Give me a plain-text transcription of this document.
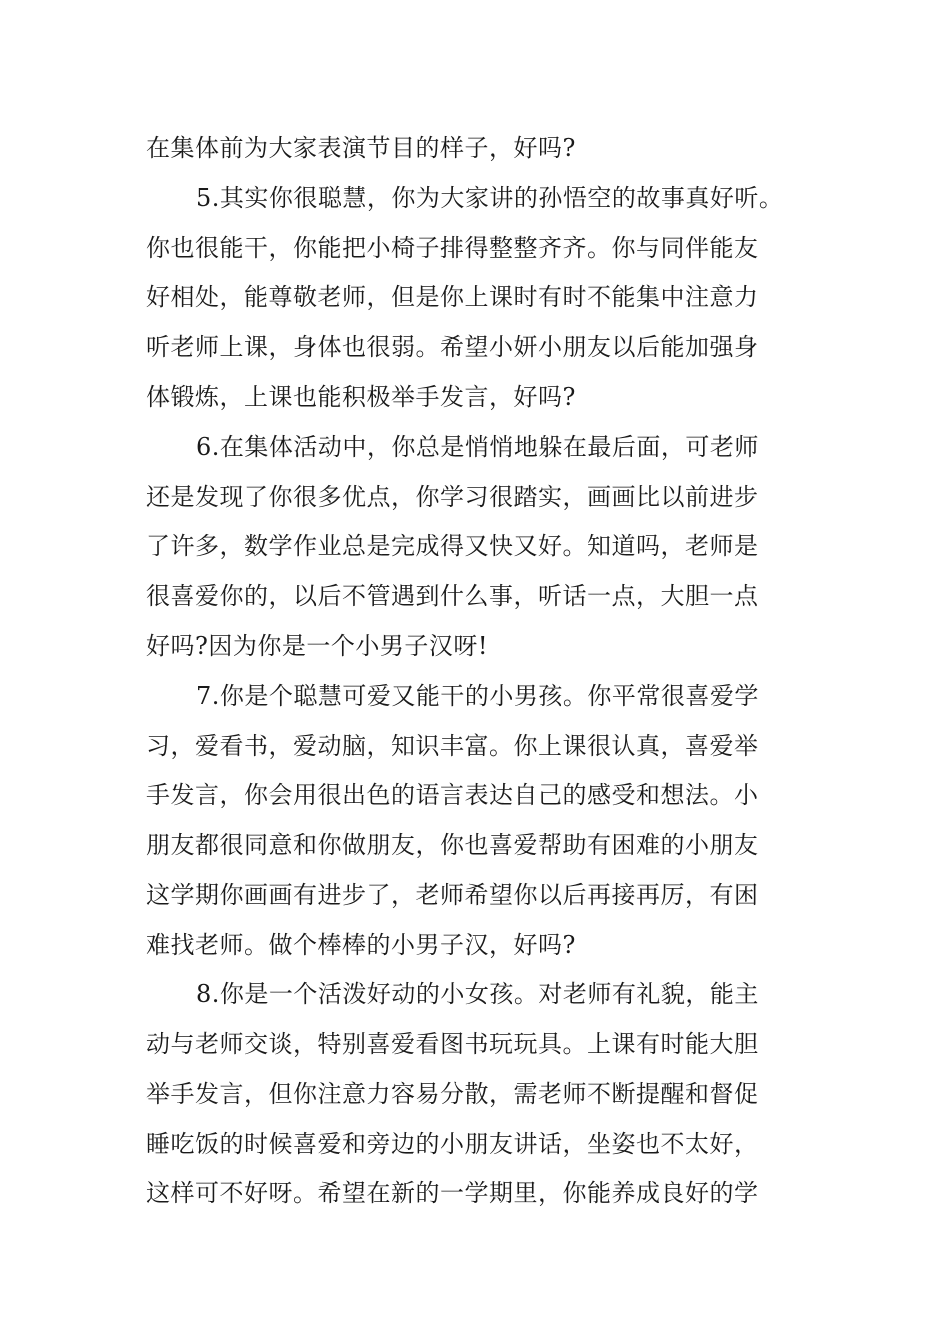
在集体前为大家表演节目的样子，好吗?
5.其实你很聪慧，你为大家讲的孙悟空的故事真好听。
你也很能干，你能把小椅子排得整整齐齐。你与同伴能友
好相处，能尊敬老师，但是你上课时有时不能集中注意力
听老师上课，身体也很弱。希望小妍小朋友以后能加强身
体锻炼，上课也能积极举手发言，好吗?
6.在集体活动中，你总是悄悄地躲在最后面，可老师
还是发现了你很多优点，你学习很踏实，画画比以前进步
了许多，数学作业总是完成得又快又好。知道吗，老师是
很喜爱你的，以后不管遇到什么事，听话一点，大胆一点
好吗?因为你是一个小男子汉呀!
7.你是个聪慧可爱又能干的小男孩。你平常很喜爱学
习，爱看书，爱动脑，知识丰富。你上课很认真，喜爱举
手发言，你会用很出色的语言表达自己的感受和想法。小
朋友都很同意和你做朋友，你也喜爱帮助有困难的小朋友
这学期你画画有进步了，老师希望你以后再接再厉，有困
难找老师。做个棒棒的小男子汉，好吗?
8.你是一个活泼好动的小女孩。对老师有礼貌，能主
动与老师交谈，特别喜爱看图书玩玩具。上课有时能大胆
举手发言，但你注意力容易分散，需老师不断提醒和督促
睡吃饭的时候喜爱和旁边的小朋友讲话，坐姿也不太好，
这样可不好呀。希望在新的一学期里，你能养成良好的学
